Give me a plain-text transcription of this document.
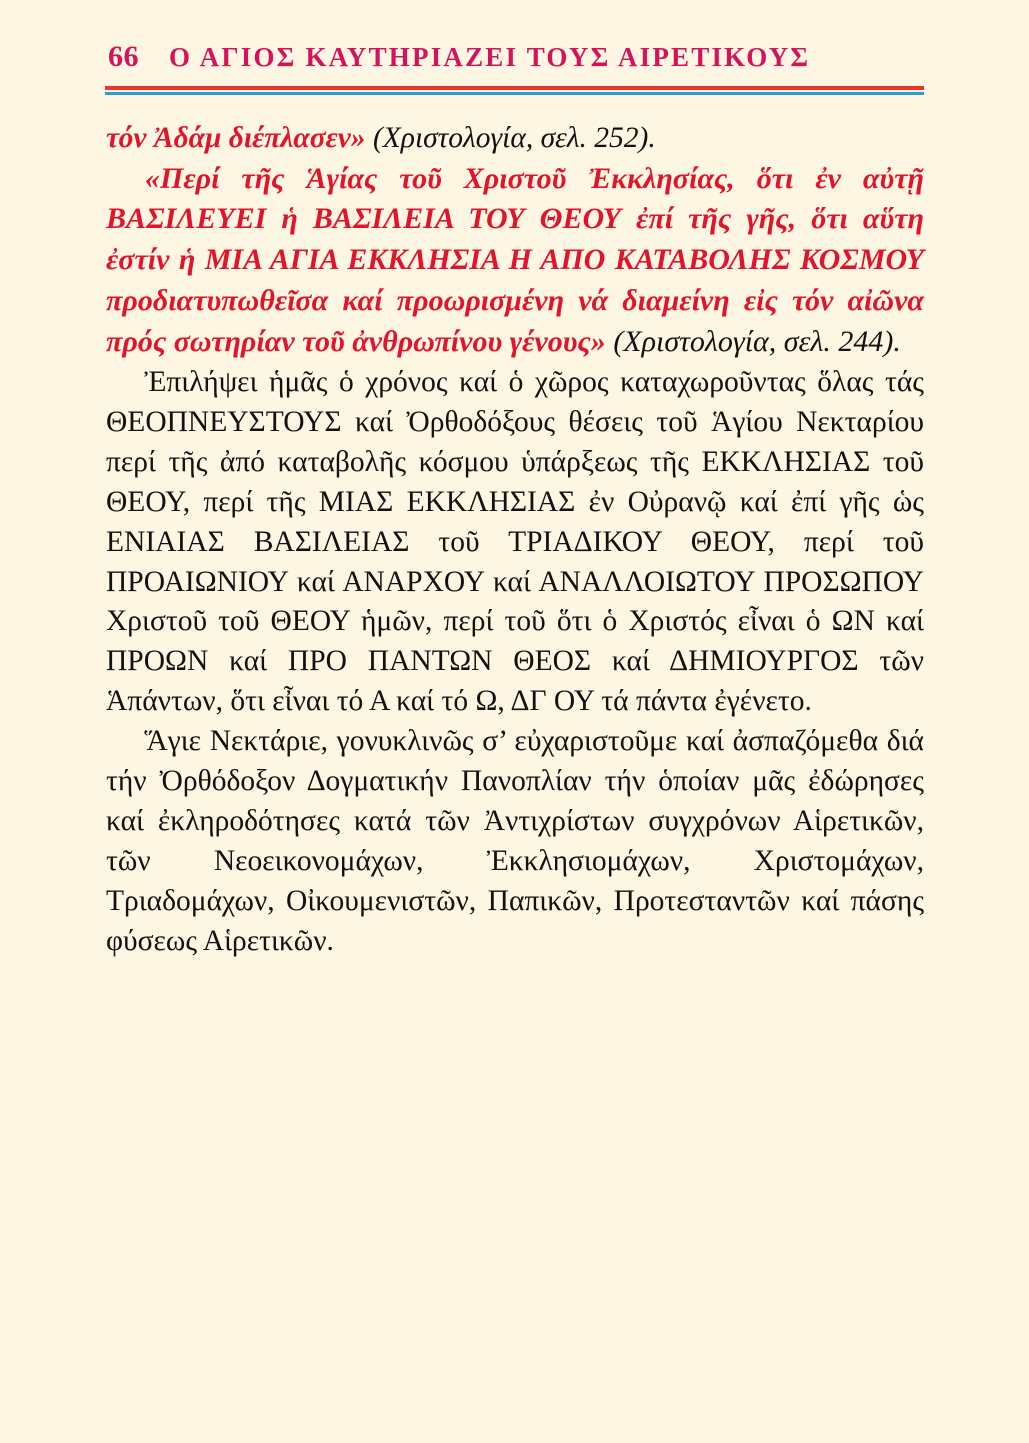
66 Ο ΑΓΙΟΣ ΚΑΥΤΗΡΙΑΖΕΙ ΤΟΥΣ ΑΙΡΕΤΙΚΟΥΣ

τόν Ἀδάμ διέπλασεν» (Χριστολογία, σελ. 252).

«Περί τῆς Ἁγίας τοῦ Χριστοῦ Ἐκκλησίας, ὅτι ἐν αὐτῇ ΒΑΣΙΛΕΥΕΙ ἡ ΒΑΣΙΛΕΙΑ ΤΟΥ ΘΕΟΥ ἐπί τῆς γῆς, ὅτι αὕτη ἐστίν ἡ ΜΙΑ ΑΓΙΑ ΕΚΚΛΗΣΙΑ Η ΑΠΟ ΚΑΤΑΒΟΛΗΣ ΚΟΣΜΟΥ προδιατυπωθεῖσα καί προωρισμένη νά διαμείνη εἰς τόν αἰῶνα πρός σωτηρίαν τοῦ ἀνθρωπίνου γένους» (Χριστολογία, σελ. 244).

Ἐπιλήψει ἡμᾶς ὁ χρόνος καί ὁ χῶρος καταχωροῦντας ὅλας τάς ΘΕΟΠΝΕΥΣΤΟΥΣ καί Ὀρθοδόξους θέσεις τοῦ Ἁγίου Νεκταρίου περί τῆς ἀπό καταβολῆς κόσμου ὑπάρξεως τῆς ΕΚΚΛΗΣΙΑΣ τοῦ ΘΕΟΥ, περί τῆς ΜΙΑΣ ΕΚΚΛΗΣΙΑΣ ἐν Οὐρανῷ καί ἐπί γῆς ὡς ΕΝΙΑΙΑΣ ΒΑΣΙΛΕΙΑΣ τοῦ ΤΡΙΑΔΙΚΟΥ ΘΕΟΥ, περί τοῦ ΠΡΟΑΙΩΝΙΟΥ καί ΑΝΑΡΧΟΥ καί ΑΝΑΛΛΟΙΩΤΟΥ ΠΡΟΣΩΠΟΥ Χριστοῦ τοῦ ΘΕΟΥ ἡμῶν, περί τοῦ ὅτι ὁ Χριστός εἶναι ὁ ΩΝ καί ΠΡΟΩΝ καί ΠΡΟ ΠΑΝΤΩΝ ΘΕΟΣ καί ΔΗΜΙΟΥΡΓΟΣ τῶν Ἁπάντων, ὅτι εἶναι τό Α καί τό Ω, ΔΓ ΟΥ τά πάντα ἐγένετο.

Ἅγιε Νεκτάριε, γονυκλινῶς σ’ εὐχαριστοῦμε καί ἀσπαζόμεθα διά τήν Ὀρθόδοξον Δογματικήν Πανοπλίαν τήν ὁποίαν μᾶς ἐδώρησες καί ἐκληροδότησες κατά τῶν Ἀντιχρίστων συγχρόνων Αἱρετικῶν, τῶν Νεοεικονομάχων, Ἐκκλησιομάχων, Χριστομάχων, Τριαδομάχων, Οἰκουμενιστῶν, Παπικῶν, Προτεσταντῶν καί πάσης φύσεως Αἱρετικῶν.
